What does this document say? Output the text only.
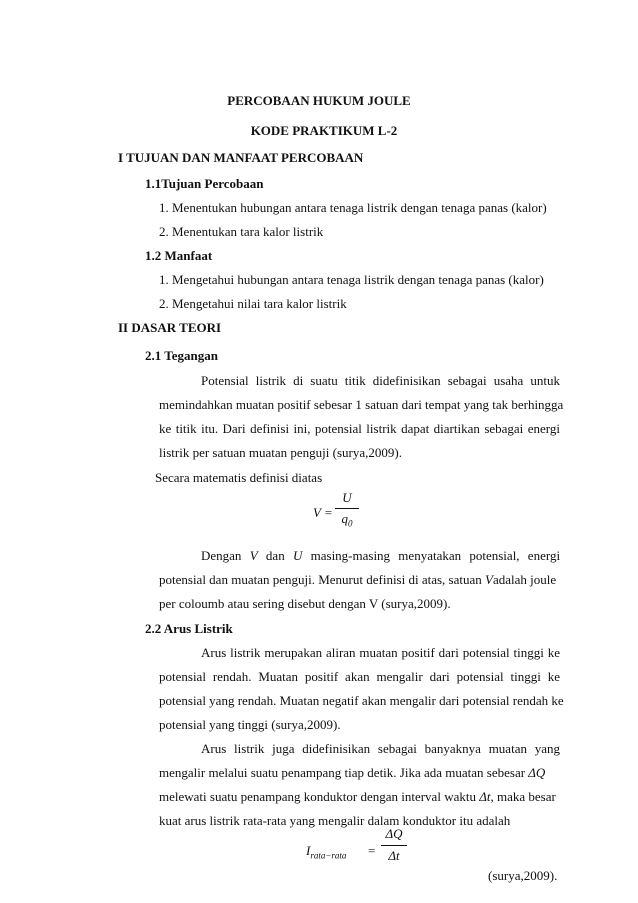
PERCOBAAN HUKUM JOULE
KODE PRAKTIKUM L-2
I TUJUAN DAN MANFAAT PERCOBAAN
1.1Tujuan Percobaan
1. Menentukan hubungan antara tenaga listrik dengan tenaga panas (kalor)
2. Menentukan tara kalor listrik
1.2 Manfaat
1. Mengetahui hubungan antara tenaga listrik dengan tenaga panas (kalor)
2. Mengetahui nilai tara kalor listrik
II DASAR TEORI
2.1 Tegangan
Potensial listrik di suatu titik didefinisikan sebagai usaha untuk
memindahkan muatan positif sebesar 1 satuan dari tempat yang tak berhingga
ke titik itu. Dari definisi ini, potensial listrik dapat diartikan sebagai energi
listrik per satuan muatan penguji (surya,2009).
Secara matematis definisi diatas
V =
U
$q_0$
Dengan V dan U masing-masing menyatakan potensial, energi
potensial dan muatan penguji. Menurut definisi di atas, satuan Vadalah joule
per coloumb atau sering disebut dengan V (surya,2009).
2.2 Arus Listrik
Arus listrik merupakan aliran muatan positif dari potensial tinggi ke
potensial rendah. Muatan positif akan mengalir dari potensial tinggi ke
potensial yang rendah. Muatan negatif akan mengalir dari potensial rendah ke
potensial yang tinggi (surya,2009).
Arus listrik juga didefinisikan sebagai banyaknya muatan yang
mengalir melalui suatu penampang tiap detik. Jika ada muatan sebesar ΔQ
melewati suatu penampang konduktor dengan interval waktu Δt, maka besar
kuat arus listrik rata-rata yang mengalir dalam konduktor itu adalah
$I_{rata-rata}$ =
ΔQ
Δt
(surya,2009).
